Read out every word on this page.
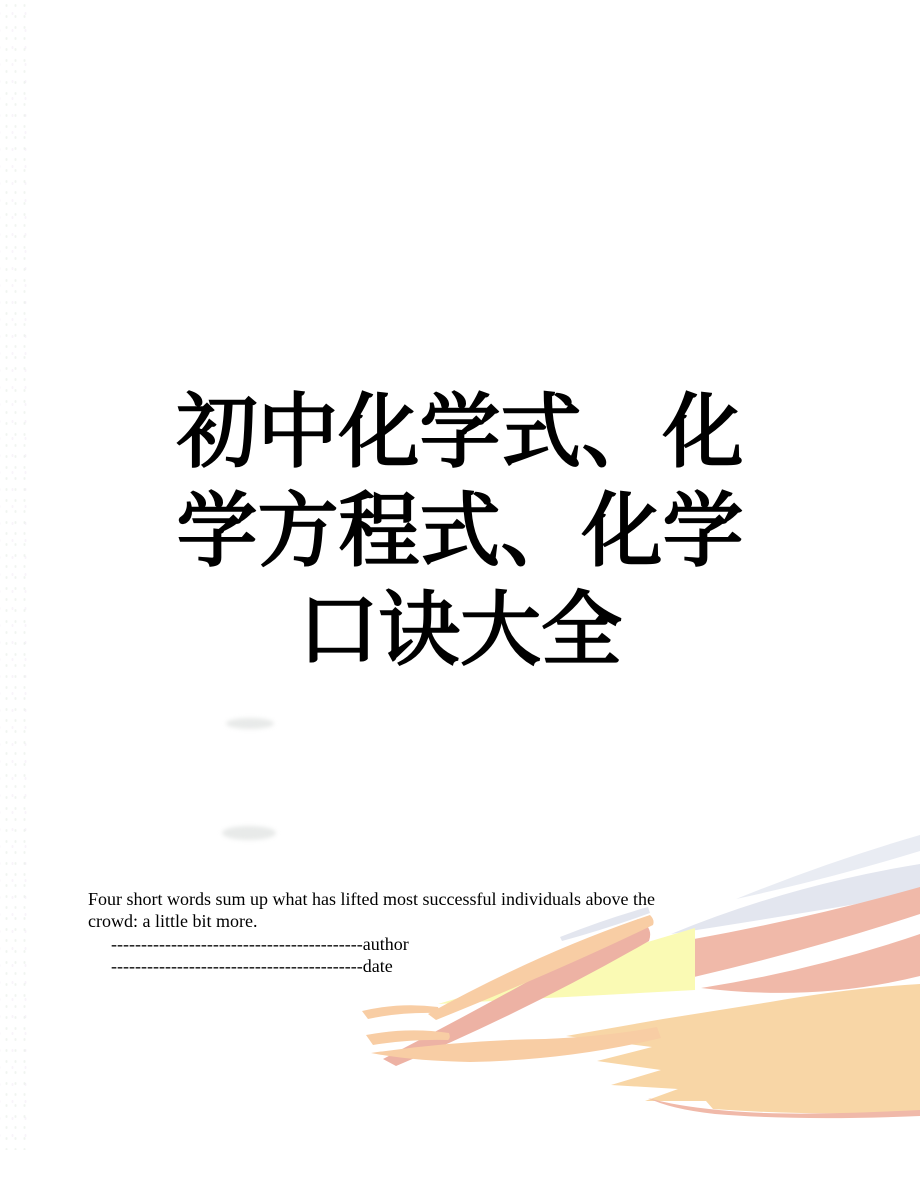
初中化学式、化
学方程式、化学
口诀大全
Four short words sum up what has lifted most successful individuals above the
crowd: a little bit more.
------------------------------------------author
------------------------------------------date
